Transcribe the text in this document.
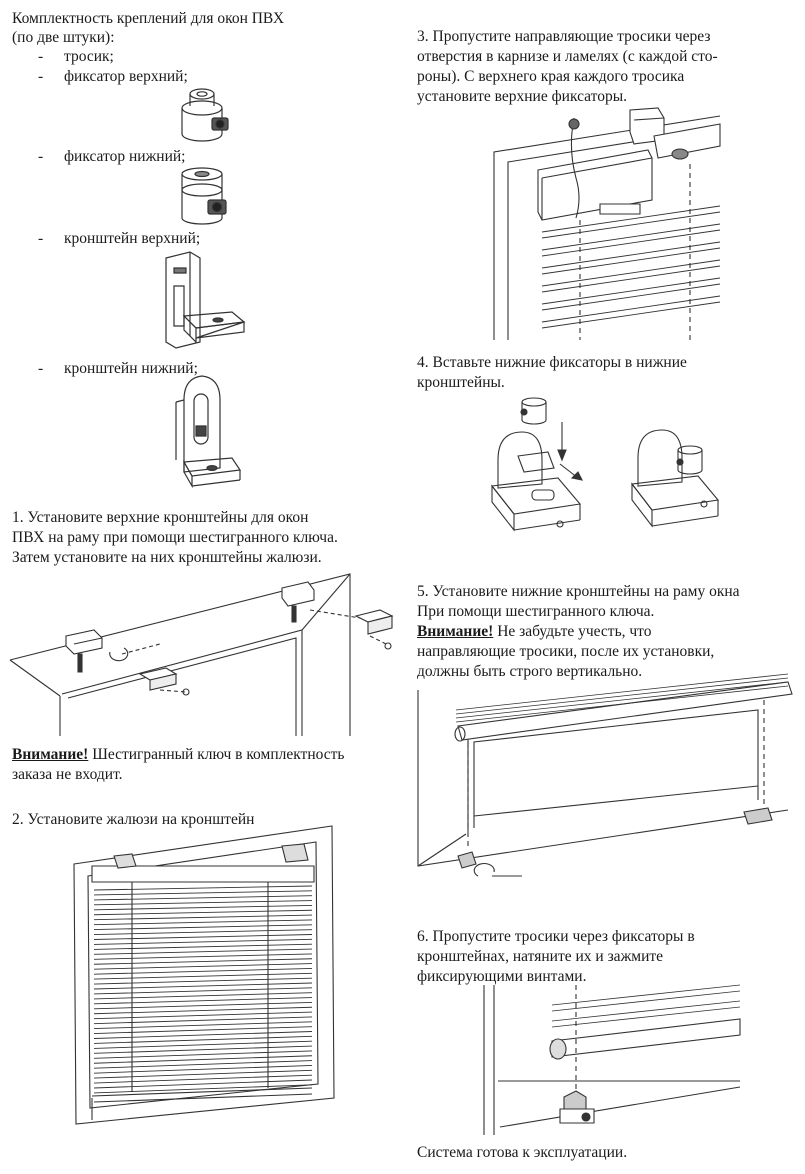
Комплектность креплений для окон ПВХ
(по две штуки):
- тросик;
- фиксатор верхний;
- фиксатор нижний;
- кронштейн верхний;
- кронштейн нижний;
1. Установите верхние кронштейны для окон
ПВХ на раму при помощи шестигранного ключа.
Затем установите на них кронштейны жалюзи.
Внимание! Шестигранный ключ в комплектность
заказа не входит.
2. Установите жалюзи на кронштейн
3. Пропустите направляющие тросики через
отверстия в карнизе и ламелях (с каждой сто-
роны). С верхнего края каждого тросика
установите верхние фиксаторы.
4. Вставьте нижние фиксаторы в нижние
кронштейны.
5. Установите нижние кронштейны на раму окна
При помощи шестигранного ключа.
Внимание! Не забудьте учесть, что
направляющие тросики, после их установки,
должны быть строго вертикально.
6. Пропустите тросики через фиксаторы в
кронштейнах, натяните их и зажмите
фиксирующими винтами.
Система готова к эксплуатации.
